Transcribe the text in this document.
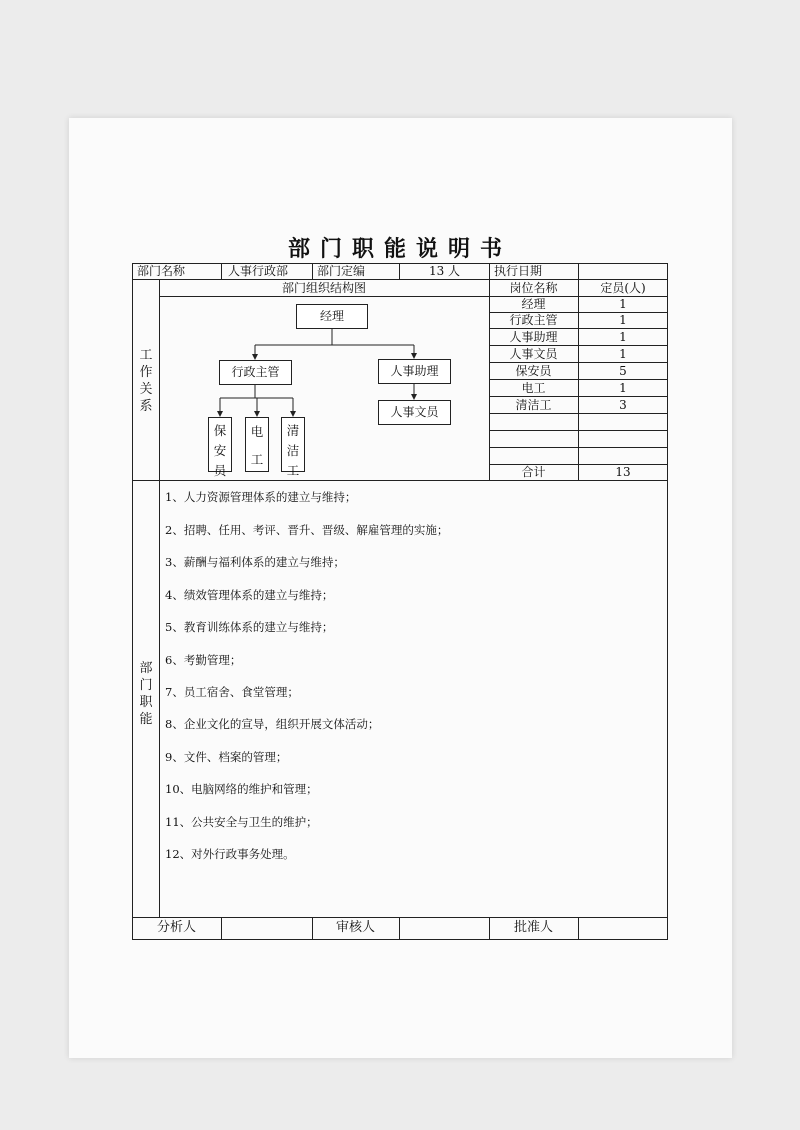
部门职能说明书
部门名称	人事行政部 部门定编	13 人	执行日期
工
作
关
系
部门组织结构图
经理
行政主管	人事助理
人事文员
保
安
员
电
工
清
洁
工
岗位名称	定员(人)
经理	1
行政主管	1
人事助理	1
人事文员	1
保安员	5
电工	1
清洁工	3
合计	13
部
门
职
能
1、人力资源管理体系的建立与维持；
2、招聘、任用、考评、晋升、晋级、解雇管理的实施；
3、薪酬与福利体系的建立与维持；
4、绩效管理体系的建立与维持；
5、教育训练体系的建立与维持；
6、考勤管理；
7、员工宿舍、食堂管理；
8、企业文化的宣导，组织开展文体活动；
9、文件、档案的管理；
10、电脑网络的维护和管理；
11、公共安全与卫生的维护；
12、对外行政事务处理。
分析人	审核人	批准人
